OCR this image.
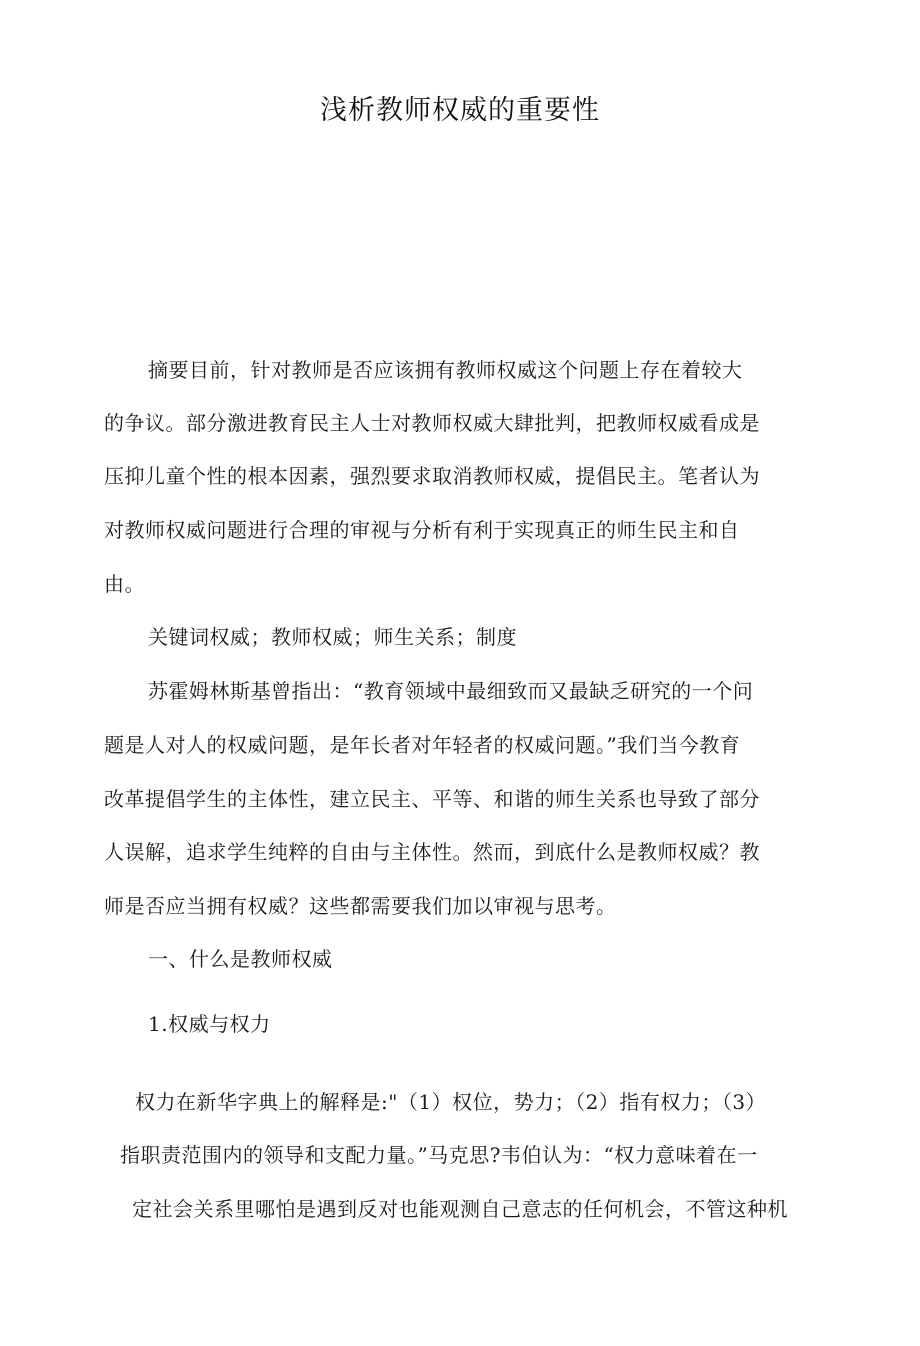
浅析教师权威的重要性
摘要目前，针对教师是否应该拥有教师权威这个问题上存在着较大
的争议。部分激进教育民主人士对教师权威大肆批判，把教师权威看成是
压抑儿童个性的根本因素，强烈要求取消教师权威，提倡民主。笔者认为
对教师权威问题进行合理的审视与分析有利于实现真正的师生民主和自
由。
关键词权威；教师权威；师生关系；制度
苏霍姆林斯基曾指出：“教育领域中最细致而又最缺乏研究的一个问
题是人对人的权威问题，是年长者对年轻者的权威问题。”我们当今教育
改革提倡学生的主体性，建立民主、平等、和谐的师生关系也导致了部分
人误解，追求学生纯粹的自由与主体性。然而，到底什么是教师权威？教
师是否应当拥有权威？这些都需要我们加以审视与思考。
一、什么是教师权威
1.权威与权力
权力在新华字典上的解释是:"（1）权位，势力；（2）指有权力；（3）
指职责范围内的领导和支配力量。”马克思?韦伯认为：“权力意味着在一
定社会关系里哪怕是遇到反对也能观测自己意志的任何机会，不管这种机
